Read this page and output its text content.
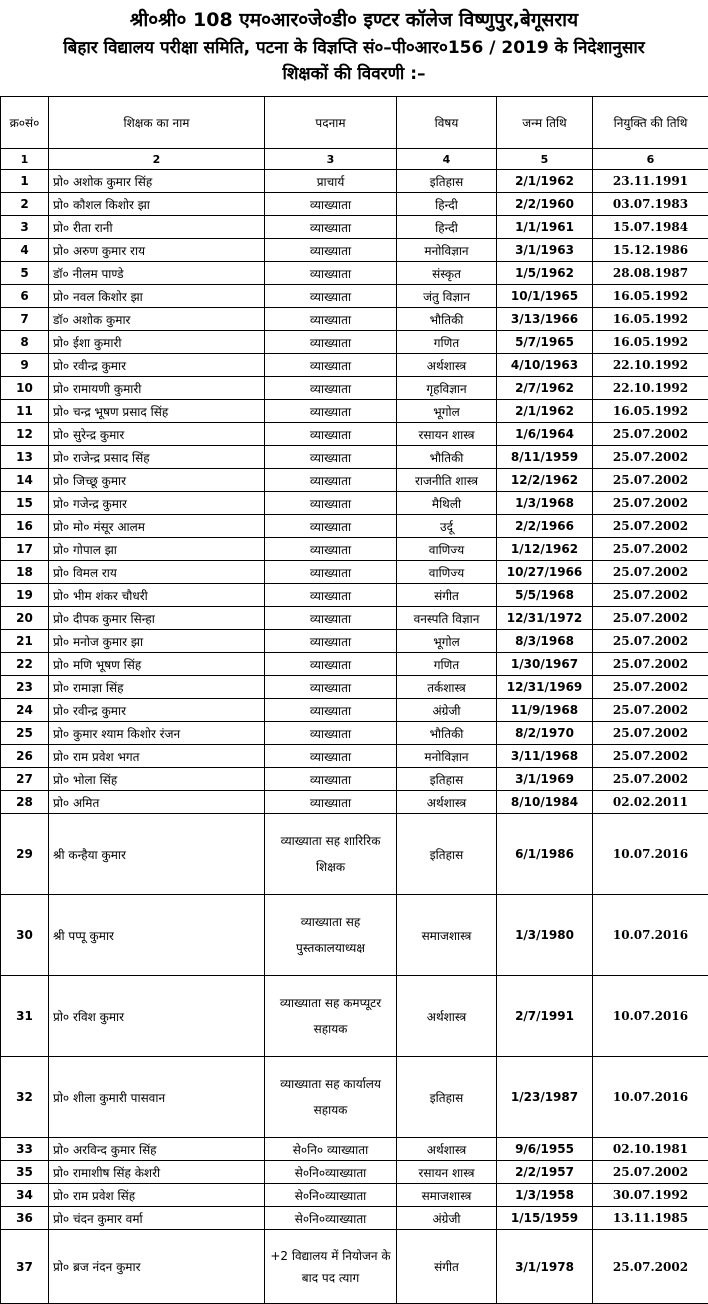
श्री०श्री० 108 एम०आर०जे०डी० इण्टर कॉलेज विष्णुपुर,बेगूसराय
बिहार विद्यालय परीक्षा समिति, पटना के विज्ञप्ति सं०–पी०आर०156 / 2019 के निदेशानुसार
शिक्षकों की विवरणी :–
क्र०सं०	शिक्षक का नाम	पदनाम	विषय	जन्म तिथि	नियुक्ति की तिथि
1	2	3	4	5	6
1	प्रो० अशोक कुमार सिंह	प्राचार्य	इतिहास	2/1/1962	23.11.1991
2	प्रो० कौशल किशोर झा	व्याख्याता	हिन्दी	2/2/1960	03.07.1983
3	प्रो० रीता रानी	व्याख्याता	हिन्दी	1/1/1961	15.07.1984
4	प्रो० अरुण कुमार राय	व्याख्याता	मनोविज्ञान	3/1/1963	15.12.1986
5	डॉ० नीलम पाण्डे	व्याख्याता	संस्कृत	1/5/1962	28.08.1987
6	प्रो० नवल किशोर झा	व्याख्याता	जंतु विज्ञान	10/1/1965	16.05.1992
7	डॉ० अशोक कुमार	व्याख्याता	भौतिकी	3/13/1966	16.05.1992
8	प्रो० ईशा कुमारी	व्याख्याता	गणित	5/7/1965	16.05.1992
9	प्रो० रवीन्द्र कुमार	व्याख्याता	अर्थशास्त्र	4/10/1963	22.10.1992
10	प्रो० रामायणी कुमारी	व्याख्याता	गृहविज्ञान	2/7/1962	22.10.1992
11	प्रो० चन्द्र भूषण प्रसाद सिंह	व्याख्याता	भूगोल	2/1/1962	16.05.1992
12	प्रो० सुरेन्द्र कुमार	व्याख्याता	रसायन शास्त्र	1/6/1964	25.07.2002
13	प्रो० राजेन्द्र प्रसाद सिंह	व्याख्याता	भौतिकी	8/11/1959	25.07.2002
14	प्रो० जिच्छू कुमार	व्याख्याता	राजनीति शास्त्र	12/2/1962	25.07.2002
15	प्रो० गजेन्द्र कुमार	व्याख्याता	मैथिली	1/3/1968	25.07.2002
16	प्रो० मो० मंसूर आलम	व्याख्याता	उर्दू	2/2/1966	25.07.2002
17	प्रो० गोपाल झा	व्याख्याता	वाणिज्य	1/12/1962	25.07.2002
18	प्रो० विमल राय	व्याख्याता	वाणिज्य	10/27/1966	25.07.2002
19	प्रो० भीम शंकर चौधरी	व्याख्याता	संगीत	5/5/1968	25.07.2002
20	प्रो० दीपक कुमार सिन्हा	व्याख्याता	वनस्पति विज्ञान	12/31/1972	25.07.2002
21	प्रो० मनोज कुमार झा	व्याख्याता	भूगोल	8/3/1968	25.07.2002
22	प्रो० मणि भूषण सिंह	व्याख्याता	गणित	1/30/1967	25.07.2002
23	प्रो० रामाज्ञा सिंह	व्याख्याता	तर्कशास्त्र	12/31/1969	25.07.2002
24	प्रो० रवीन्द्र कुमार	व्याख्याता	अंग्रेजी	11/9/1968	25.07.2002
25	प्रो० कुमार श्याम किशोर रंजन	व्याख्याता	भौतिकी	8/2/1970	25.07.2002
26	प्रो० राम प्रवेश भगत	व्याख्याता	मनोविज्ञान	3/11/1968	25.07.2002
27	प्रो० भोला सिंह	व्याख्याता	इतिहास	3/1/1969	25.07.2002
28	प्रो० अमित	व्याख्याता	अर्थशास्त्र	8/10/1984	02.02.2011
29	श्री कन्हैया कुमार	व्याख्याता सह शारिरिक शिक्षक	इतिहास	6/1/1986	10.07.2016
30	श्री पप्पू कुमार	व्याख्याता सह पुस्तकालयाध्यक्ष	समाजशास्त्र	1/3/1980	10.07.2016
31	प्रो० रविश कुमार	व्याख्याता सह कमप्यूटर सहायक	अर्थशास्त्र	2/7/1991	10.07.2016
32	प्रो० शीला कुमारी पासवान	व्याख्याता सह कार्यालय सहायक	इतिहास	1/23/1987	10.07.2016
33	प्रो० अरविन्द कुमार सिंह	से०नि० व्याख्याता	अर्थशास्त्र	9/6/1955	02.10.1981
35	प्रो० रामाशीष सिंह केशरी	से०नि०व्याख्याता	रसायन शास्त्र	2/2/1957	25.07.2002
34	प्रो० राम प्रवेश सिंह	से०नि०व्याख्याता	समाजशास्त्र	1/3/1958	30.07.1992
36	प्रो० चंदन कुमार वर्मा	से०नि०व्याख्याता	अंग्रेजी	1/15/1959	13.11.1985
37	प्रो० ब्रज नंदन कुमार	+2 विद्यालय में नियोजन के बाद पद त्याग	संगीत	3/1/1978	25.07.2002
